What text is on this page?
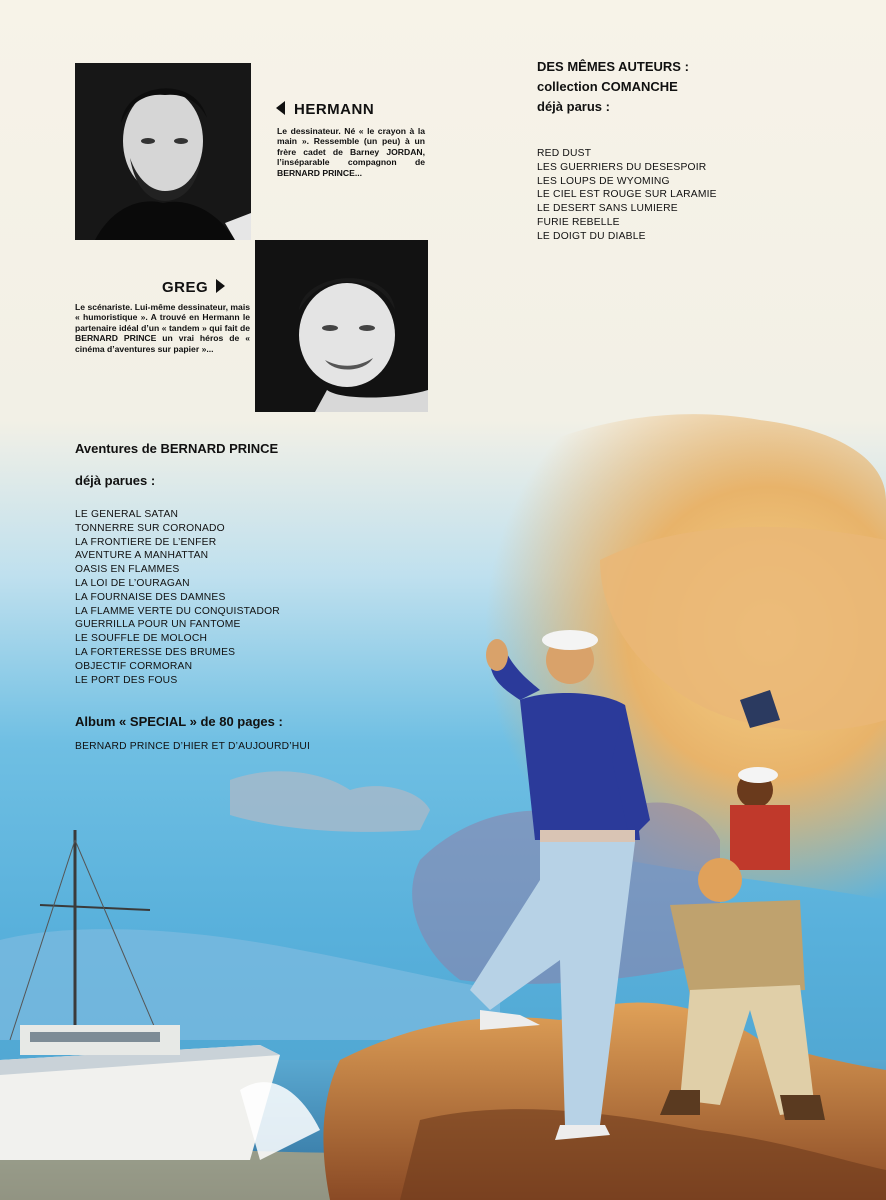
HERMANN
Le dessinateur. Né « le crayon à la main ». Ressemble (un peu) à un frère cadet de Barney JORDAN, l’inséparable compagnon de BERNARD PRINCE...
GREG
Le scénariste. Lui-même dessinateur, mais « humoristique ». A trouvé en Hermann le partenaire idéal d’un « tandem » qui fait de BERNARD PRINCE un vrai héros de « cinéma d’aventures sur papier »...
DES MÊMES AUTEURS :
collection COMANCHE
déjà parus :
RED DUST
LES GUERRIERS DU DESESPOIR
LES LOUPS DE WYOMING
LE CIEL EST ROUGE SUR LARAMIE
LE DESERT SANS LUMIERE
FURIE REBELLE
LE DOIGT DU DIABLE
Aventures de BERNARD PRINCE
déjà parues :
LE GENERAL SATAN
TONNERRE SUR CORONADO
LA FRONTIERE DE L’ENFER
AVENTURE A MANHATTAN
OASIS EN FLAMMES
LA LOI DE L’OURAGAN
LA FOURNAISE DES DAMNES
LA FLAMME VERTE DU CONQUISTADOR
GUERRILLA POUR UN FANTOME
LE SOUFFLE DE MOLOCH
LA FORTERESSE DES BRUMES
OBJECTIF CORMORAN
LE PORT DES FOUS
Album « SPECIAL » de 80 pages :
BERNARD PRINCE D’HIER ET D’AUJOURD’HUI
